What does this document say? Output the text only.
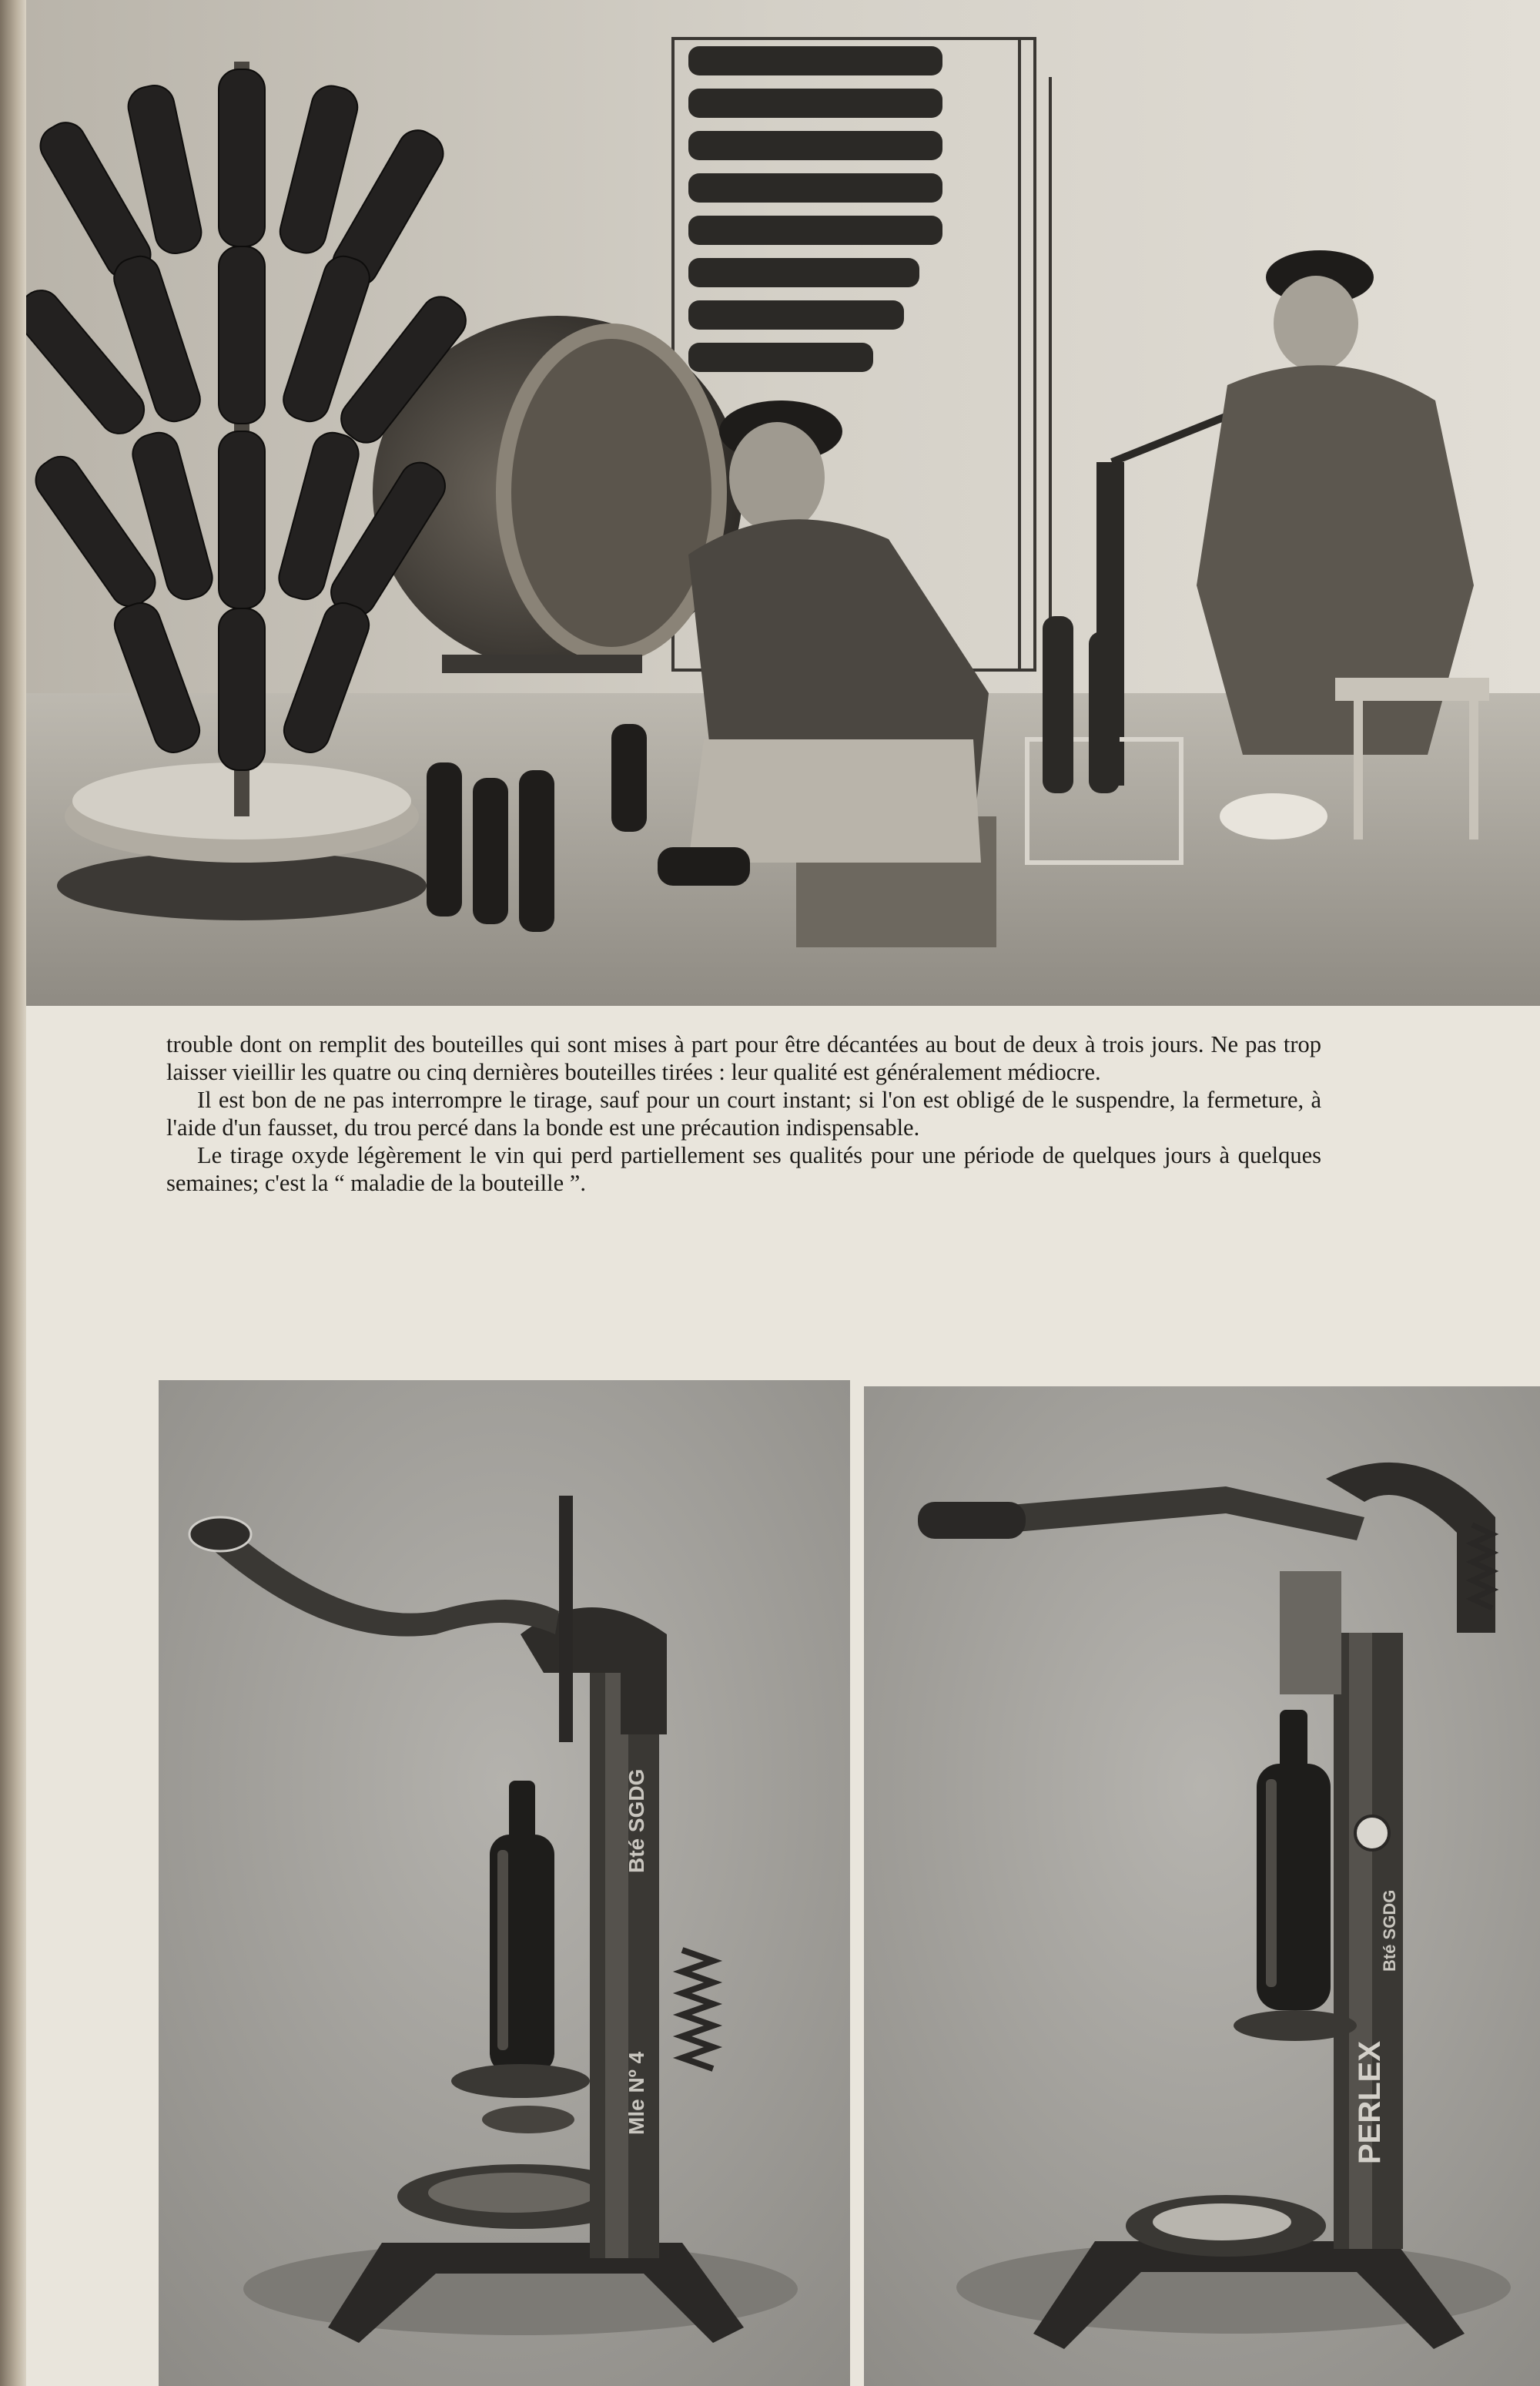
trouble dont on remplit des bouteilles qui sont mises à part pour être décantées au bout de deux à trois jours. Ne pas trop laisser vieillir les quatre ou cinq dernières bouteilles tirées : leur qualité est généralement médiocre.

Il est bon de ne pas interrompre le tirage, sauf pour un court instant; si l'on est obligé de le suspendre, la fermeture, à l'aide d'un fausset, du trou percé dans la bonde est une précaution indispensable.

Le tirage oxyde légèrement le vin qui perd partiellement ses qualités pour une période de quelques jours à quelques semaines; c'est la “ maladie de la bouteille ”.

Mle Nº 4
Bté SGDG
PERLEX
Bté SGDG
